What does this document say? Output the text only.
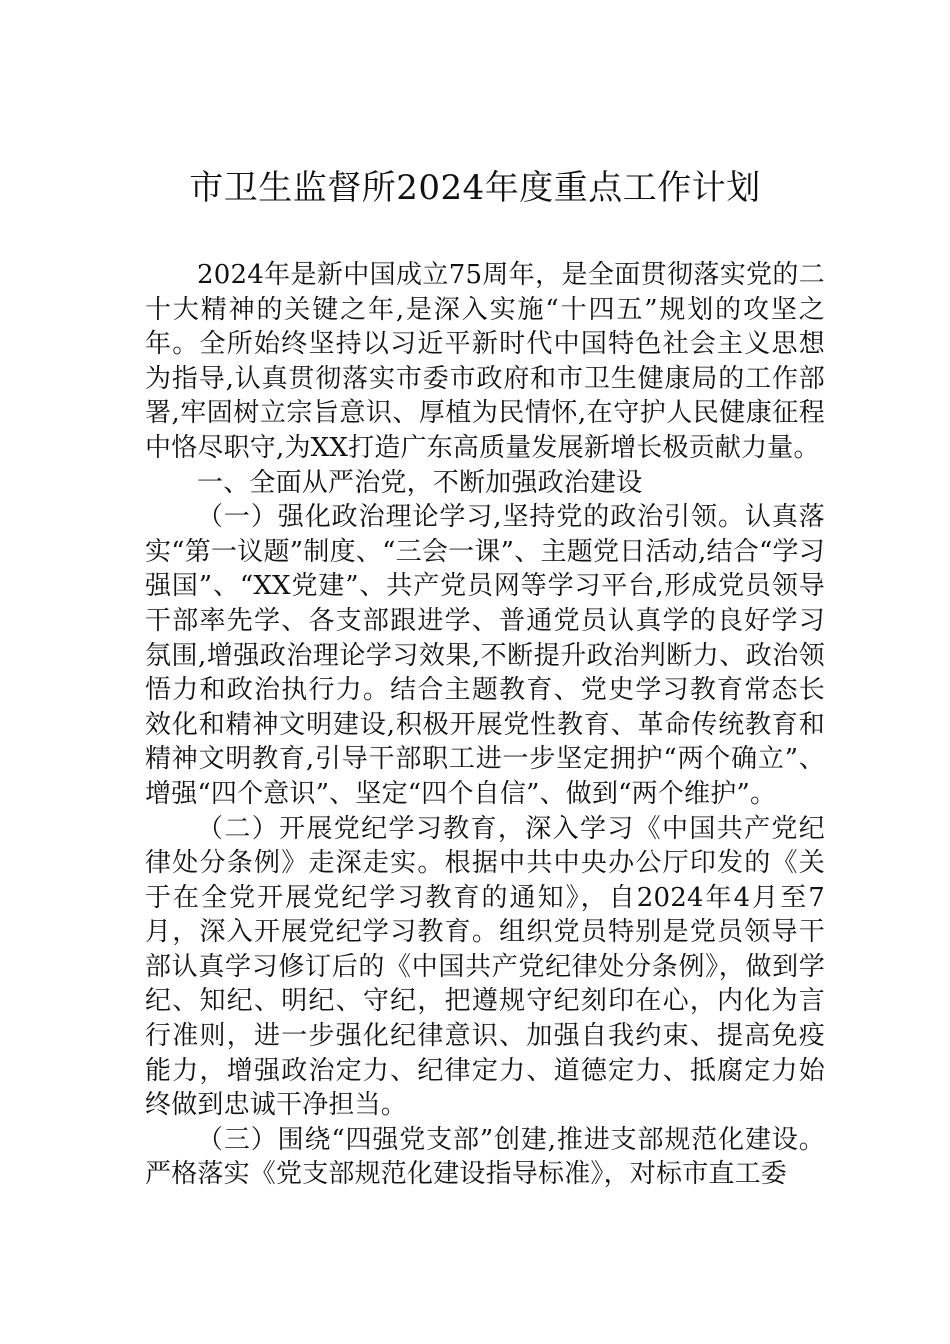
市卫生监督所2024年度重点工作计划

2024年是新中国成立75周年，是全面贯彻落实党的二十大精神的关键之年,是深入实施“十四五”规划的攻坚之年。全所始终坚持以习近平新时代中国特色社会主义思想为指导,认真贯彻落实市委市政府和市卫生健康局的工作部署,牢固树立宗旨意识、厚植为民情怀,在守护人民健康征程中恪尽职守,为XX打造广东高质量发展新增长极贡献力量。

一、全面从严治党，不断加强政治建设

（一）强化政治理论学习,坚持党的政治引领。认真落实“第一议题”制度、“三会一课”、主题党日活动,结合“学习强国”、“XX党建”、共产党员网等学习平台,形成党员领导干部率先学、各支部跟进学、普通党员认真学的良好学习氛围,增强政治理论学习效果,不断提升政治判断力、政治领悟力和政治执行力。结合主题教育、党史学习教育常态长效化和精神文明建设,积极开展党性教育、革命传统教育和精神文明教育,引导干部职工进一步坚定拥护“两个确立”、增强“四个意识”、坚定“四个自信”、做到“两个维护”。

（二）开展党纪学习教育，深入学习《中国共产党纪律处分条例》走深走实。根据中共中央办公厅印发的《关于在全党开展党纪学习教育的通知》，自2024年4月至7月，深入开展党纪学习教育。组织党员特别是党员领导干部认真学习修订后的《中国共产党纪律处分条例》，做到学纪、知纪、明纪、守纪，把遵规守纪刻印在心，内化为言行准则，进一步强化纪律意识、加强自我约束、提高免疫能力，增强政治定力、纪律定力、道德定力、抵腐定力始终做到忠诚干净担当。

（三）围绕“四强党支部”创建,推进支部规范化建设。严格落实《党支部规范化建设指导标准》，对标市直工委
